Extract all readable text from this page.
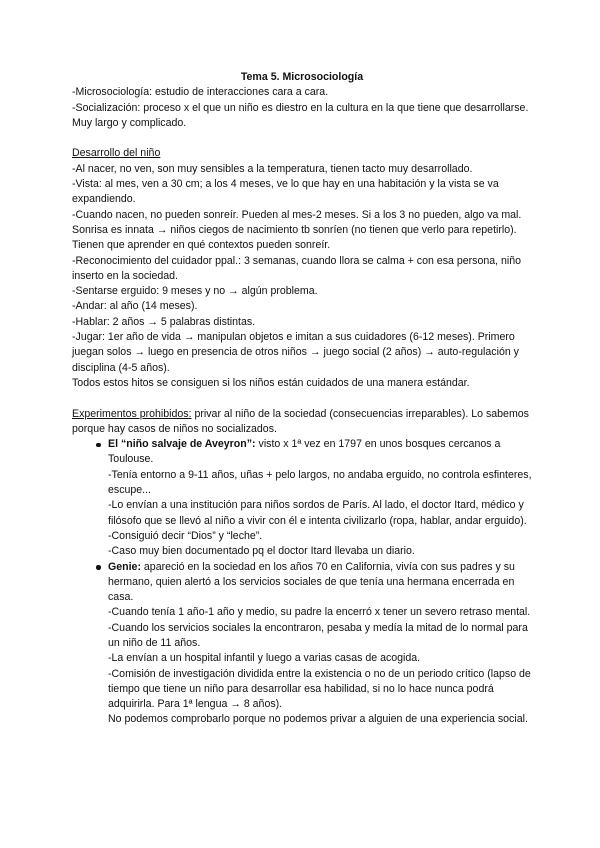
Tema 5. Microsociología

-Microsociología: estudio de interacciones cara a cara.

-Socialización: proceso x el que un niño es diestro en la cultura en la que tiene que desarrollarse. Muy largo y complicado.

Desarrollo del niño

-Al nacer, no ven, son muy sensibles a la temperatura, tienen tacto muy desarrollado.

-Vista: al mes, ven a 30 cm; a los 4 meses, ve lo que hay en una habitación y la vista se va expandiendo.

-Cuando nacen, no pueden sonreír. Pueden al mes-2 meses. Si a los 3 no pueden, algo va mal. Sonrisa es innata → niños ciegos de nacimiento tb sonríen (no tienen que verlo para repetirlo).

Tienen que aprender en qué contextos pueden sonreír.

-Reconocimiento del cuidador ppal.: 3 semanas, cuando llora se calma + con esa persona, niño inserto en la sociedad.

-Sentarse erguido: 9 meses y no → algún problema.

-Andar: al año (14 meses).

-Hablar: 2 años → 5 palabras distintas.

-Jugar: 1er año de vida → manipulan objetos e imitan a sus cuidadores (6-12 meses). Primero juegan solos → luego en presencia de otros niños → juego social (2 años) → auto-regulación y disciplina (4-5 años).

Todos estos hitos se consiguen si los niños están cuidados de una manera estándar.

Experimentos prohibidos: privar al niño de la sociedad (consecuencias irreparables). Lo sabemos porque hay casos de niños no socializados.

El “niño salvaje de Aveyron”: visto x 1ª vez en 1797 en unos bosques cercanos a Toulouse.

-Tenía entorno a 9-11 años, uñas + pelo largos, no andaba erguido, no controla esfinteres, escupe...

-Lo envían a una institución para niños sordos de París. Al lado, el doctor Itard, médico y filósofo que se llevó al niño a vivir con él e intenta civilizarlo (ropa, hablar, andar erguido).

-Consiguió decir “Dios” y “leche”.

-Caso muy bien documentado pq el doctor Itard llevaba un diario.

Genie: apareció en la sociedad en los años 70 en California, vivía con sus padres y su hermano, quien alertó a los servicios sociales de que tenía una hermana encerrada en casa.

-Cuando tenía 1 año-1 año y medio, su padre la encerró x tener un severo retraso mental.

-Cuando los servicios sociales la encontraron, pesaba y medía la mitad de lo normal para un niño de 11 años.

-La envían a un hospital infantil y luego a varias casas de acogida.

-Comisión de investigación dividida entre la existencia o no de un periodo crítico (lapso de tiempo que tiene un niño para desarrollar esa habilidad, si no lo hace nunca podrá adquirirla. Para 1ª lengua → 8 años).

No podemos comprobarlo porque no podemos privar a alguien de una experiencia social.
